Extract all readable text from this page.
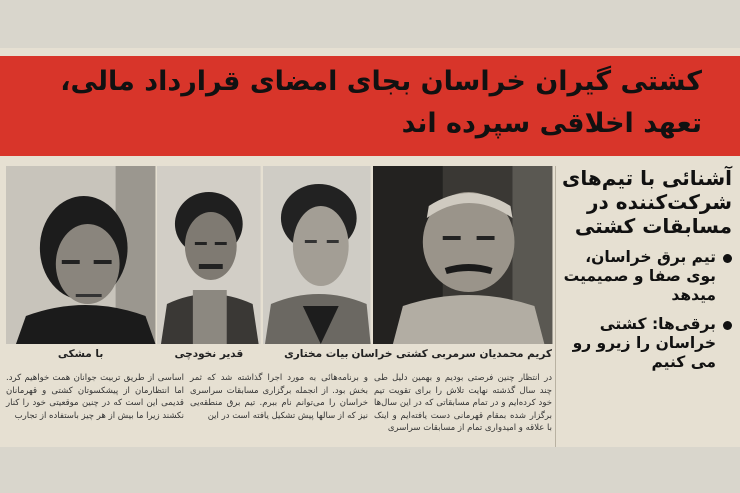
کشتی گیران خراسان بجای امضای قرارداد مالی،
تعهد اخلاقی سپرده اند
کریم محمدیان سرمربی کشتی خراسان
بیات مختاری
قدیر نخودچی
با مشکی
در انتظار چنین فرصتی بودیم و بهمین دلیل طی چند سال گذشته نهایت تلاش را برای تقویت تیم خود کرده‌ایم و در تمام مسابقاتی که در این سال‌ها برگزار شده بمقام قهرمانی دست یافته‌ایم و اینک با علاقه و امیدواری تمام از مسابقات سراسری
و برنامه‌هائی به مورد اجرا گذاشته شد که ثمر بخش بود. از انجمله برگزاری مسابقات سراسری خراسان را می‌توانم نام ببرم. تیم برق منطقه‌یی نیز که از سالها پیش تشکیل یافته است در این
اساسی از طریق تربیت جوانان همت خواهیم کرد. اما انتظارمان از پیشکسوتان کشتی و قهرمانان قدیمی این است که در چنین موقعیتی خود را کنار نکشند زیرا ما بیش از هر چیز باستفاده از تجارب
آشنائی با تیم‌های شرکت‌کننده در مسابقات کشتی
تیم برق خراسان، بوی صفا و صمیمیت میدهد
برقی‌ها: کشتی خراسان را زیرو رو می کنیم
